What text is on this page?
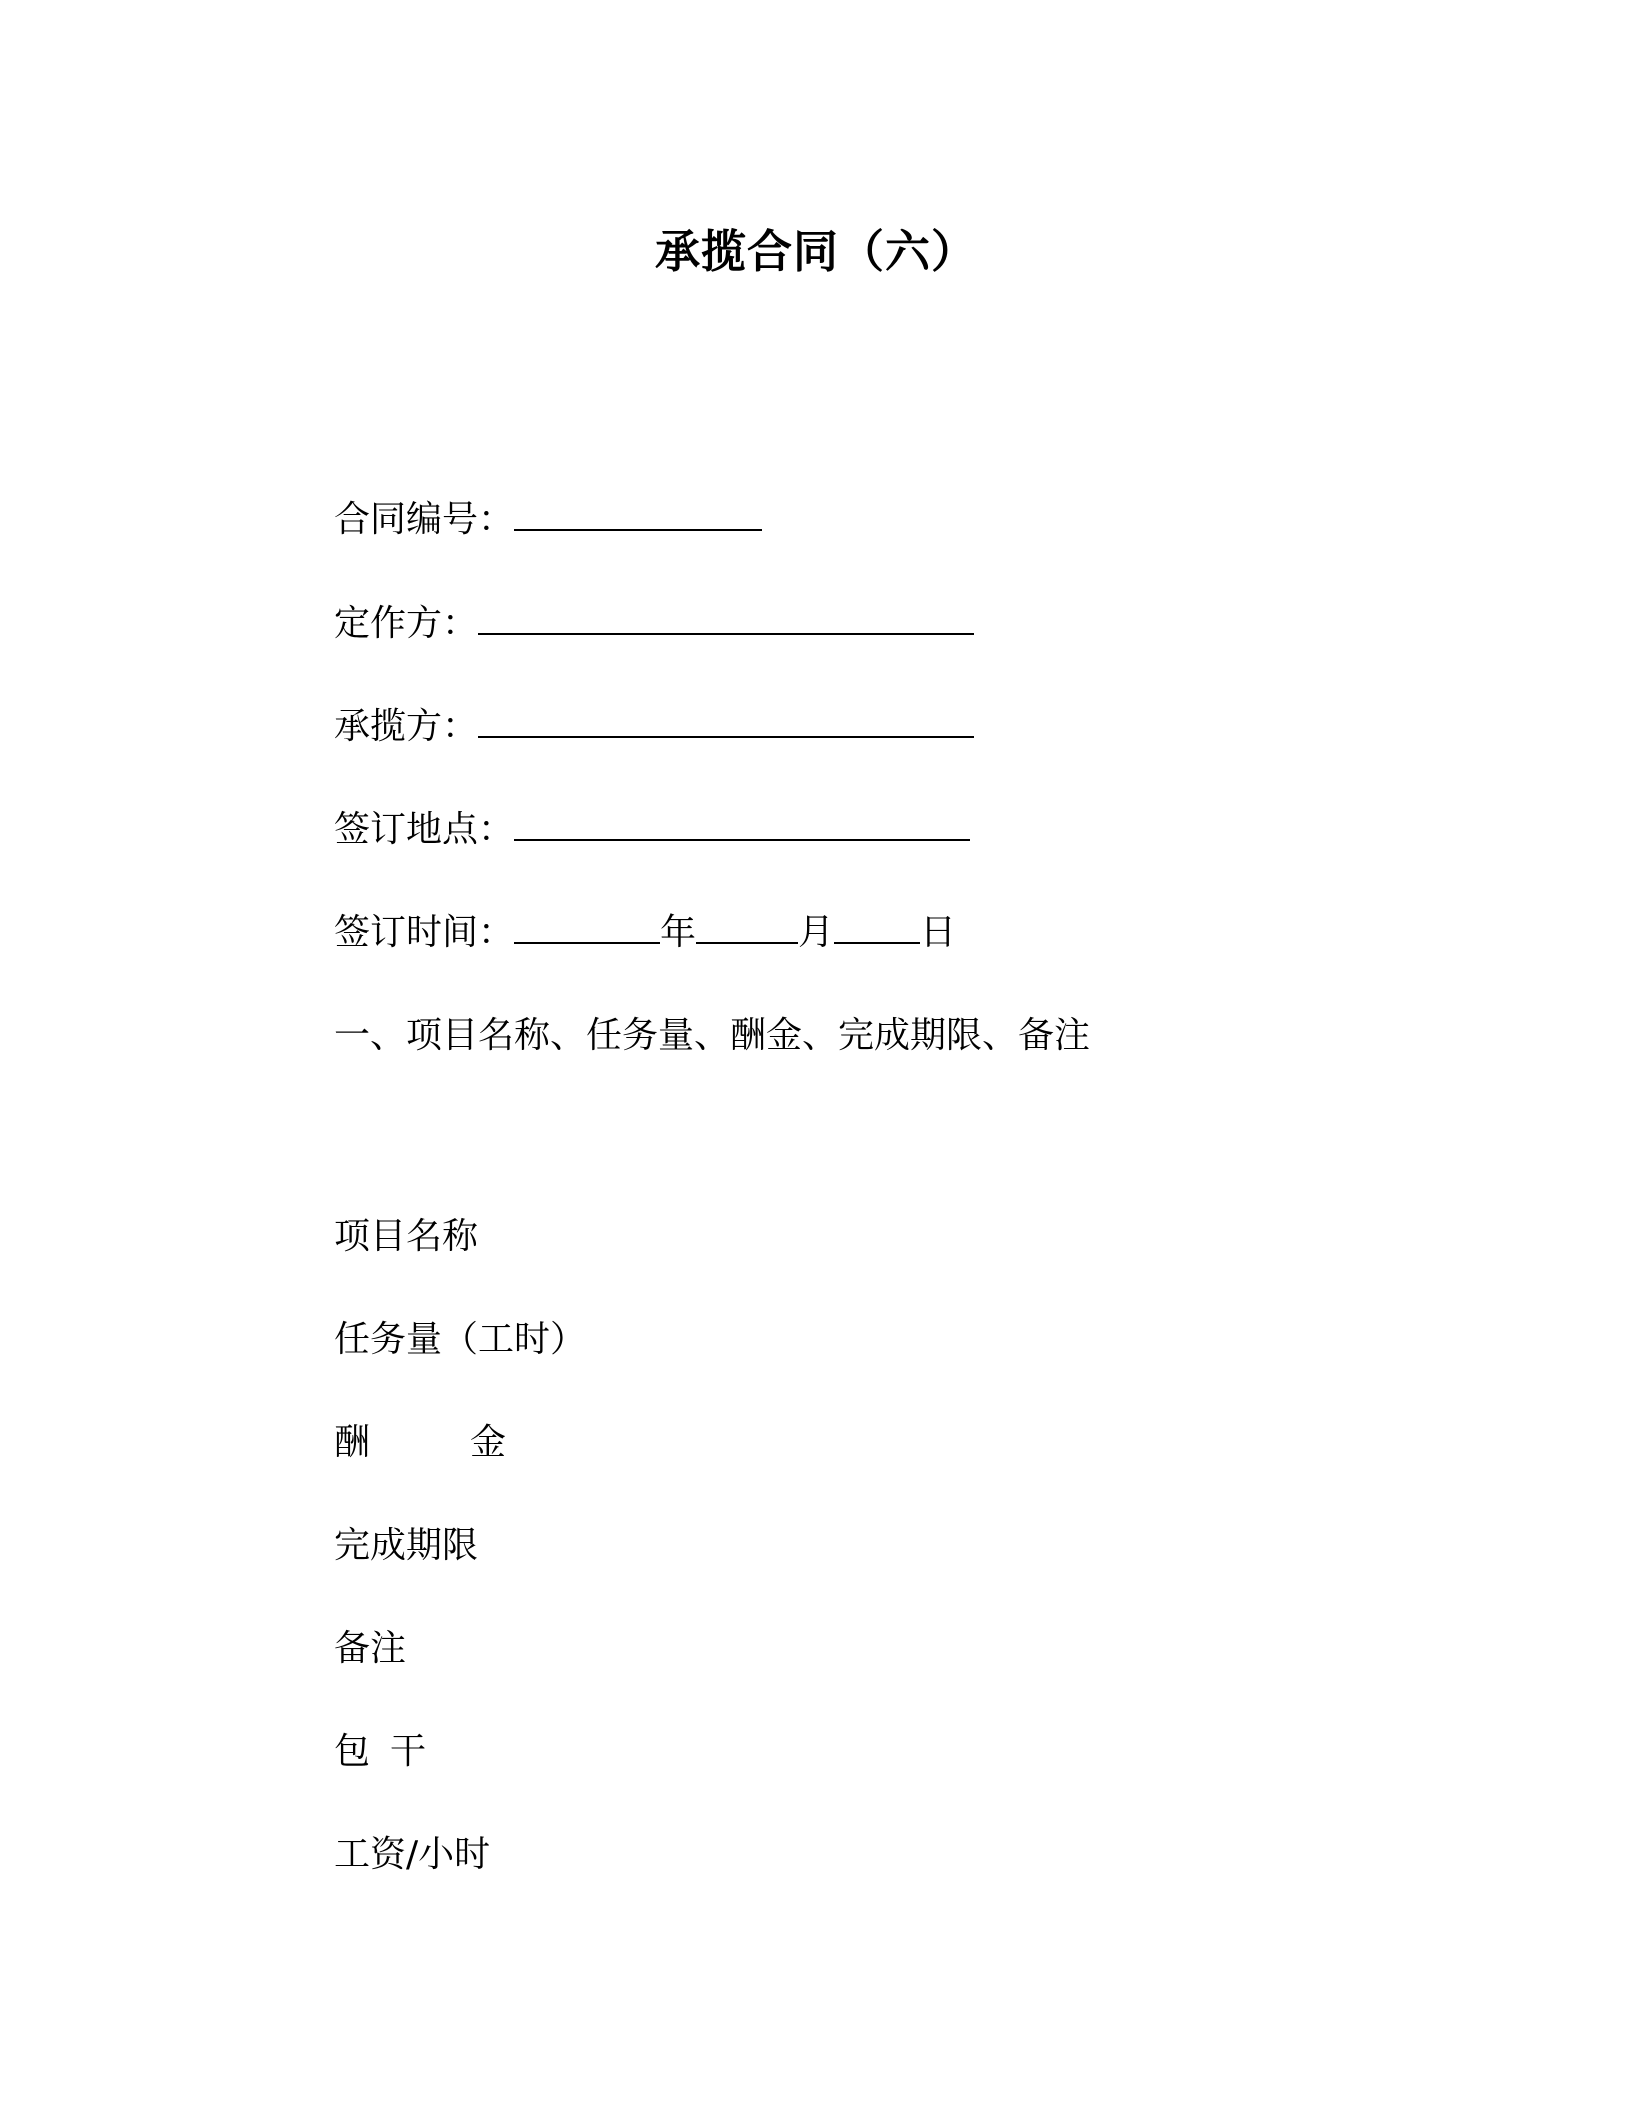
承揽合同（六）
合同编号：
定作方：
承揽方：
签订地点：
签订时间：	年	月 日
一、项目名称、任务量、酬金、完成期限、备注
项目名称
任务量（工时）
酬	金
完成期限
备注
包 干
工资/小时
